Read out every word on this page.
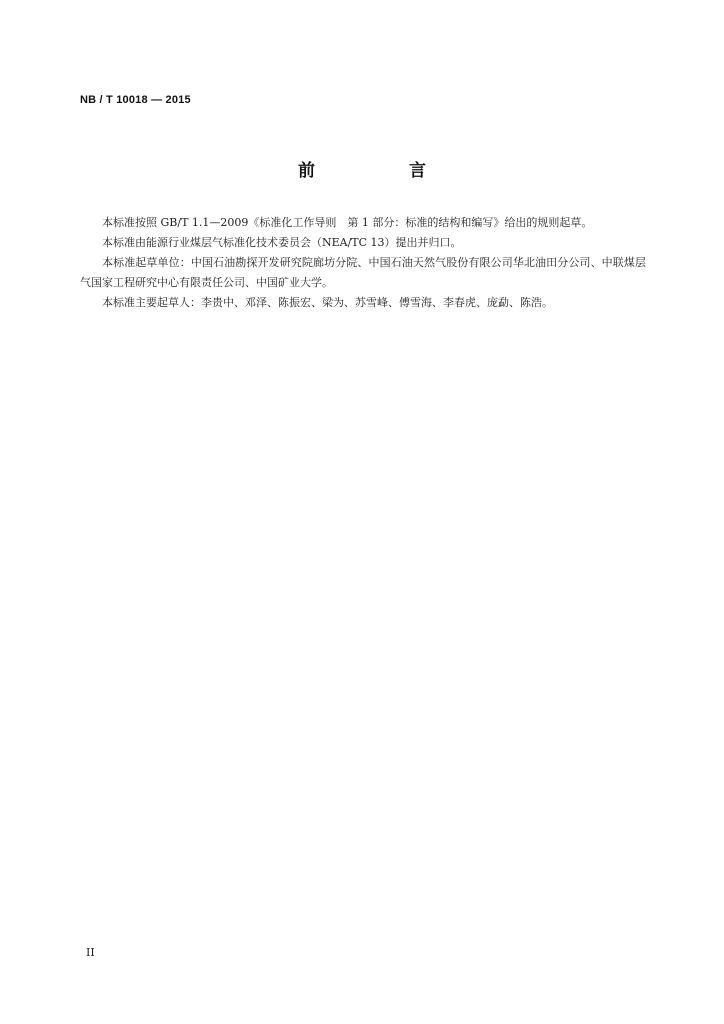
NB / T 10018 — 2015
前 言

本标准按照 GB/T 1.1—2009《标准化工作导则　第 1 部分：标准的结构和编写》给出的规则起草。

本标准由能源行业煤层气标准化技术委员会（NEA/TC 13）提出并归口。

本标准起草单位：中国石油勘探开发研究院廊坊分院、中国石油天然气股份有限公司华北油田分公司、中联煤层气国家工程研究中心有限责任公司、中国矿业大学。

本标准主要起草人：李贵中、邓泽、陈振宏、梁为、苏雪峰、傅雪海、李春虎、庞勐、陈浩。

II
